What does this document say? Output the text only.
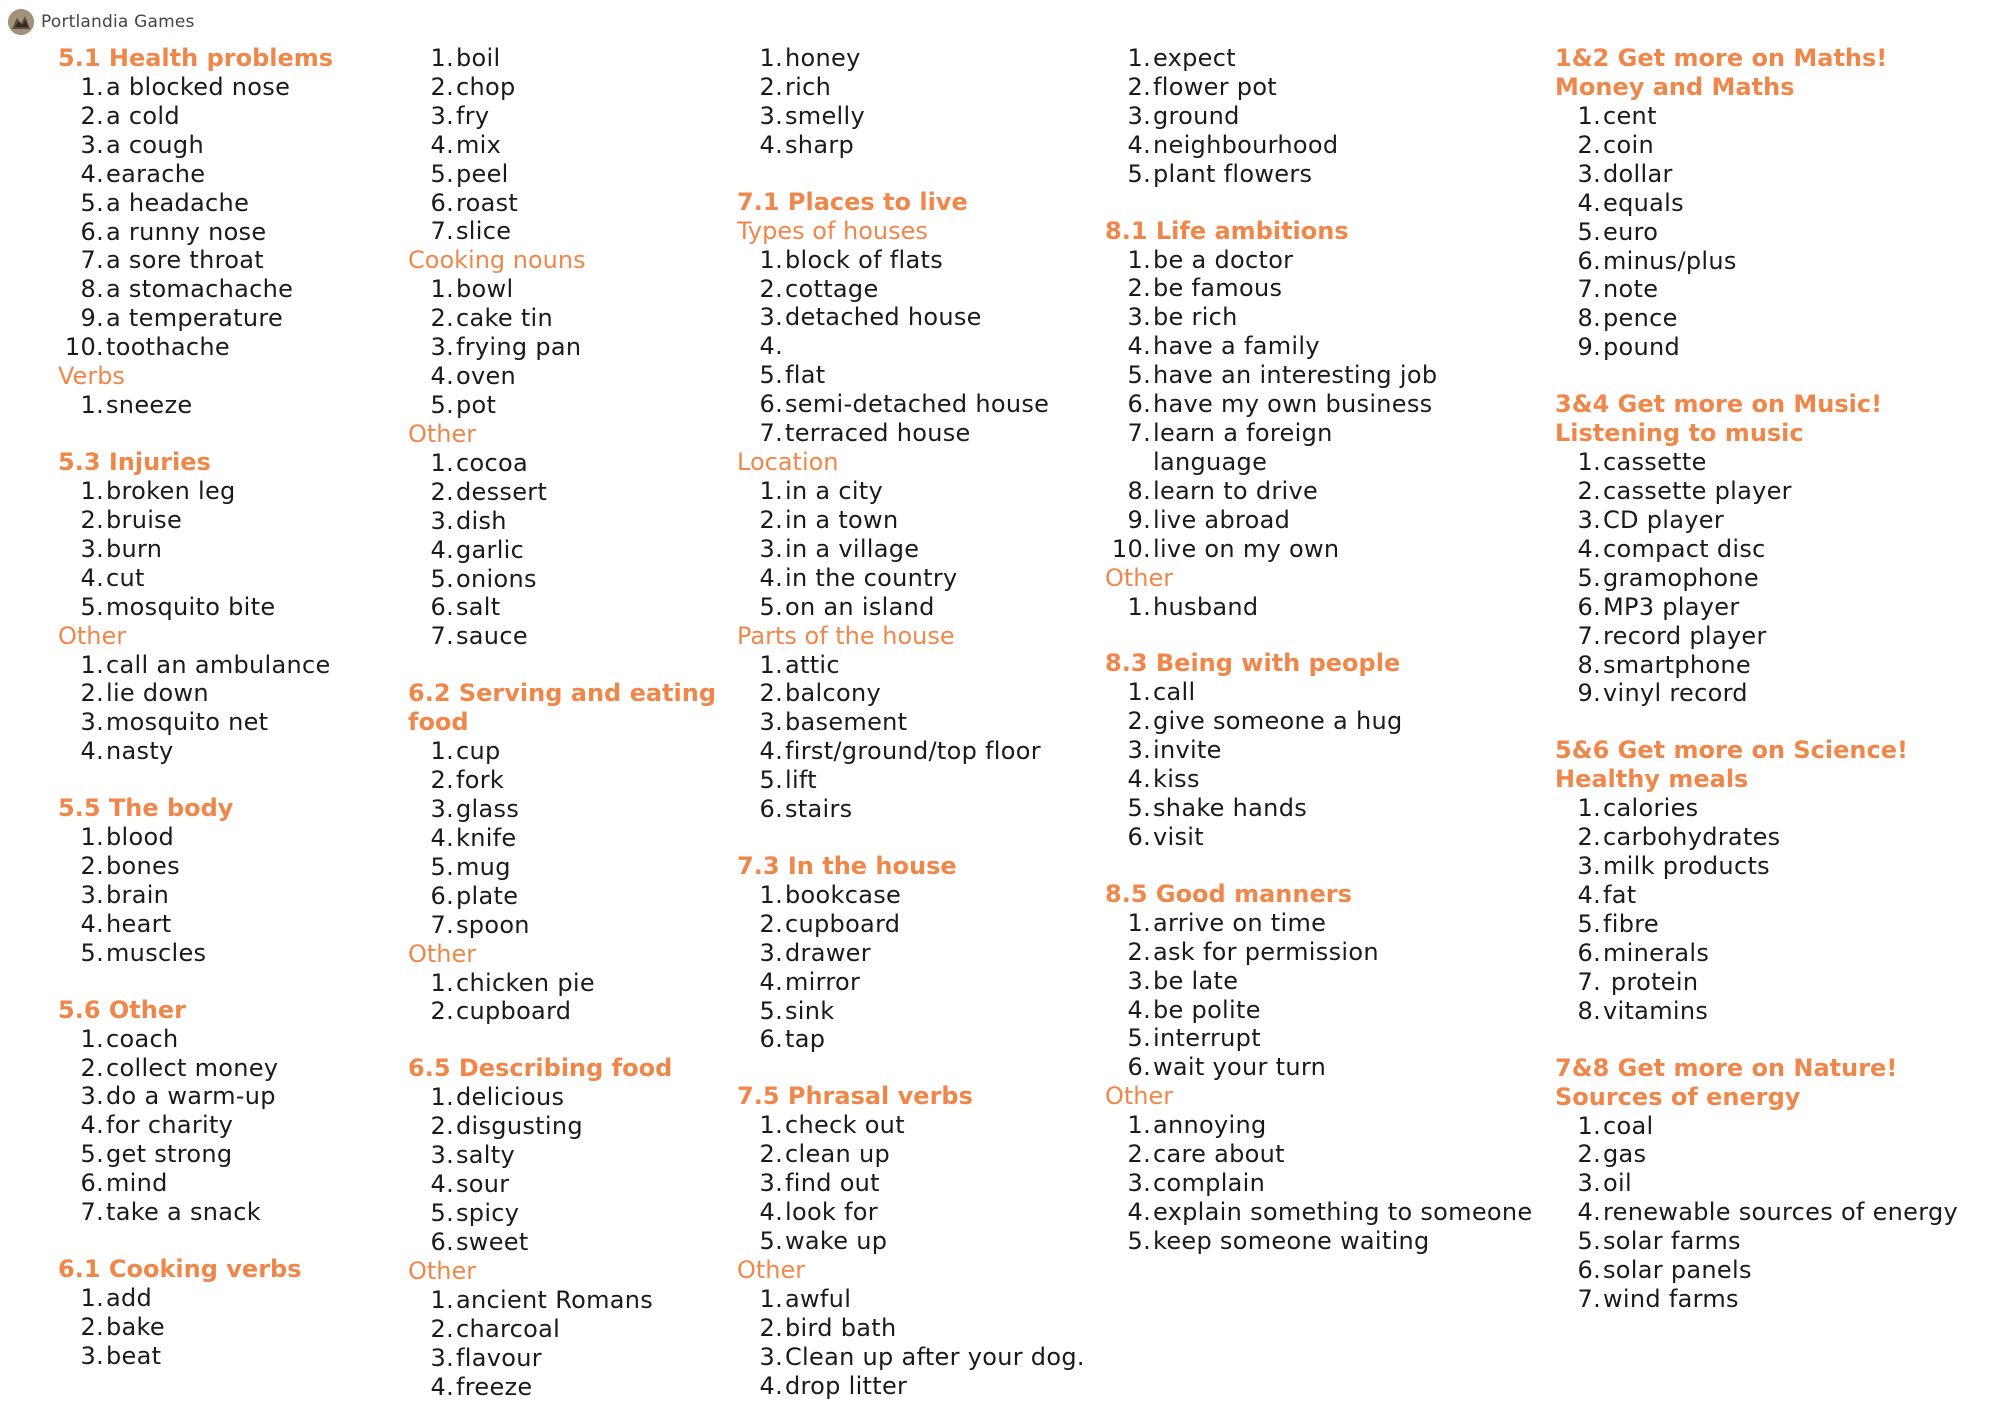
Portlandia Games
5.1 Health problems
1. a blocked nose
2. a cold
3. a cough
4. earache
5. a headache
6. a runny nose
7. a sore throat
8. a stomachache
9. a temperature
10. toothache
Verbs
1. sneeze
5.3 Injuries
1. broken leg
2. bruise
3. burn
4. cut
5. mosquito bite
Other
1. call an ambulance
2. lie down
3. mosquito net
4. nasty
5.5 The body
1. blood
2. bones
3. brain
4. heart
5. muscles
5.6 Other
1. coach
2. collect money
3. do a warm-up
4. for charity
5. get strong
6. mind
7. take a snack
6.1 Cooking verbs
1. add
2. bake
3. beat
1. boil
2. chop
3. fry
4. mix
5. peel
6. roast
7. slice
Cooking nouns
1. bowl
2. cake tin
3. frying pan
4. oven
5. pot
Other
1. cocoa
2. dessert
3. dish
4. garlic
5. onions
6. salt
7. sauce
6.2 Serving and eating food
1. cup
2. fork
3. glass
4. knife
5. mug
6. plate
7. spoon
Other
1. chicken pie
2. cupboard
6.5 Describing food
1. delicious
2. disgusting
3. salty
4. sour
5. spicy
6. sweet
Other
1. ancient Romans
2. charcoal
3. flavour
4. freeze
1. honey
2. rich
3. smelly
4. sharp
7.1 Places to live
Types of houses
1. block of flats
2. cottage
3. detached house
4.
5. flat
6. semi-detached house
7. terraced house
Location
1. in a city
2. in a town
3. in a village
4. in the country
5. on an island
Parts of the house
1. attic
2. balcony
3. basement
4. first/ground/top floor
5. lift
6. stairs
7.3 In the house
1. bookcase
2. cupboard
3. drawer
4. mirror
5. sink
6. tap
7.5 Phrasal verbs
1. check out
2. clean up
3. find out
4. look for
5. wake up
Other
1. awful
2. bird bath
3. Clean up after your dog.
4. drop litter
1. expect
2. flower pot
3. ground
4. neighbourhood
5. plant flowers
8.1 Life ambitions
1. be a doctor
2. be famous
3. be rich
4. have a family
5. have an interesting job
6. have my own business
7. learn a foreign
language
8. learn to drive
9. live abroad
10. live on my own
Other
1. husband
8.3 Being with people
1. call
2. give someone a hug
3. invite
4. kiss
5. shake hands
6. visit
8.5 Good manners
1. arrive on time
2. ask for permission
3. be late
4. be polite
5. interrupt
6. wait your turn
Other
1. annoying
2. care about
3. complain
4. explain something to someone
5. keep someone waiting
1&2 Get more on Maths!
Money and Maths
1. cent
2. coin
3. dollar
4. equals
5. euro
6. minus/plus
7. note
8. pence
9. pound
3&4 Get more on Music!
Listening to music
1. cassette
2. cassette player
3. CD player
4. compact disc
5. gramophone
6. MP3 player
7. record player
8. smartphone
9. vinyl record
5&6 Get more on Science!
Healthy meals
1. calories
2. carbohydrates
3. milk products
4. fat
5. fibre
6. minerals
7. protein
8. vitamins
7&8 Get more on Nature!
Sources of energy
1. coal
2. gas
3. oil
4. renewable sources of energy
5. solar farms
6. solar panels
7. wind farms
